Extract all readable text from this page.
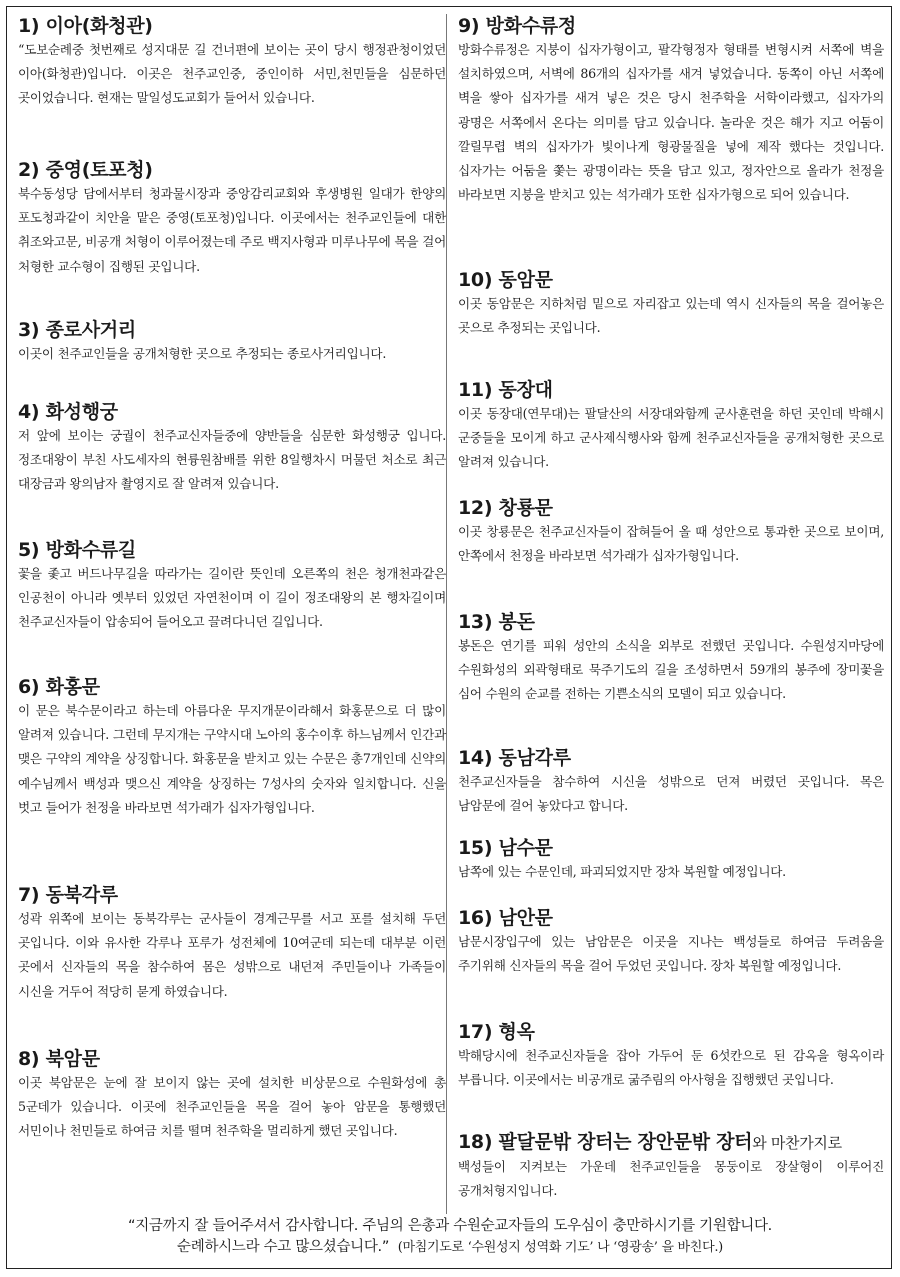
1) 이아(화청관)

“도보순례중 첫번째로 성지대문 길 건너편에 보이는 곳이 당시 행정관청이었던 이아(화청관)입니다. 이곳은 천주교인중, 중인이하 서민,천민들을 심문하던 곳이었습니다. 현재는 말일성도교회가 들어서 있습니다.

2) 중영(토포청)

북수동성당 담에서부터 청과물시장과 중앙감리교회와 후생병원 일대가 한양의 포도청과같이 치안을 맡은 중영(토포청)입니다. 이곳에서는 천주교인들에 대한 취조와고문, 비공개 처형이 이루어졌는데 주로 백지사형과 미루나무에 목을 걸어 처형한 교수형이 집행된 곳입니다.

3) 종로사거리

이곳이 천주교인들을 공개처형한 곳으로 추정되는 종로사거리입니다.

4) 화성행궁

저 앞에 보이는 궁궐이 천주교신자들중에 양반들을 심문한 화성행궁 입니다. 정조대왕이 부친 사도세자의 현륭원참배를 위한 8일행차시 머물던 처소로 최근 대장금과 왕의남자 촬영지로 잘 알려져 있습니다.

5) 방화수류길

꽃을 좇고 버드나무길을 따라가는 길이란 뜻인데 오른쪽의 천은 청개천과같은 인공천이 아니라 옛부터 있었던 자연천이며 이 길이 정조대왕의 본 행차길이며 천주교신자들이 압송되어 들어오고 끌려다니던 길입니다.

6) 화홍문

이 문은 북수문이라고 하는데 아름다운 무지개문이라해서 화홍문으로 더 많이 알려져 있습니다. 그런데 무지개는 구약시대 노아의 홍수이후 하느님께서 인간과 맺은 구약의 계약을 상징합니다. 화홍문을 받치고 있는 수문은 총7개인데 신약의 예수님께서 백성과 맺으신 계약을 상징하는 7성사의 숫자와 일치합니다. 신을 벗고 들어가 천정을 바라보면 석가래가 십자가형입니다.

7) 동북각루

성곽 위쪽에 보이는 동북각루는 군사들이 경계근무를 서고 포를 설치해 두던 곳입니다. 이와 유사한 각루나 포루가 성전체에 10여군데 되는데 대부분 이런 곳에서 신자들의 목을 참수하여 몸은 성밖으로 내던져 주민들이나 가족들이 시신을 거두어 적당히 묻게 하였습니다.

8) 북암문

이곳 북암문은 눈에 잘 보이지 않는 곳에 설치한 비상문으로 수원화성에 총 5군데가 있습니다. 이곳에 천주교인들을 목을 걸어 놓아 암문을 통행했던 서민이나 천민들로 하여금 치를 떨며 천주학을 멀리하게 했던 곳입니다.

9) 방화수류정

방화수류정은 지붕이 십자가형이고, 팔각형정자 형태를 변형시켜 서쪽에 벽을 설치하였으며, 서벽에 86개의 십자가를 새겨 넣었습니다. 동쪽이 아닌 서쪽에 벽을 쌓아 십자가를 새겨 넣은 것은 당시 천주학을 서학이라했고, 십자가의 광명은 서쪽에서 온다는 의미를 담고 있습니다. 놀라운 것은 해가 지고 어둠이 깔릴무렵 벽의 십자가가 빛이나게 형광물질을 넣에 제작 했다는 것입니다. 십자가는 어둠을 쫓는 광명이라는 뜻을 담고 있고, 정자안으로 올라가 천정을 바라보면 지붕을 받치고 있는 석가래가 또한 십자가형으로 되어 있습니다.

10) 동암문

이곳 동암문은 지하처럼 밑으로 자리잡고 있는데 역시 신자들의 목을 걸어놓은 곳으로 추정되는 곳입니다.

11) 동장대

이곳 동장대(연무대)는 팔달산의 서장대와함께 군사훈련을 하던 곳인데 박해시 군중들을 모이게 하고 군사제식행사와 함께 천주교신자들을 공개처형한 곳으로 알려져 있습니다.

12) 창룡문

이곳 창룡문은 천주교신자들이 잡혀들어 올 때 성안으로 통과한 곳으로 보이며, 안쪽에서 천정을 바라보면 석가래가 십자가형입니다.

13) 봉돈

봉돈은 연기를 피워 성안의 소식을 외부로 전했던 곳입니다. 수원성지마당에 수원화성의 외곽형태로 묵주기도의 길을 조성하면서 59개의 봉주에 장미꽃을 심어 수원의 순교를 전하는 기쁜소식의 모델이 되고 있습니다.

14) 동남각루

천주교신자들을 참수하여 시신을 성밖으로 던져 버렸던 곳입니다. 목은 남암문에 걸어 놓았다고 합니다.

15) 남수문

남쪽에 있는 수문인데, 파괴되었지만 장차 복원할 예정입니다.

16) 남안문

남문시장입구에 있는 남암문은 이곳을 지나는 백성들로 하여금 두려움을 주기위해 신자들의 목을 걸어 두었던 곳입니다. 장차 복원할 예정입니다.

17) 형옥

박해당시에 천주교신자들을 잡아 가두어 둔 6섯칸으로 된 감옥을 형옥이라 부릅니다. 이곳에서는 비공개로 굶주림의 아사형을 집행했던 곳입니다.

18) 팔달문밖 장터는 장안문밖 장터와 마찬가지로

백성들이 지켜보는 가운데 천주교인들을 몽둥이로 장살형이 이루어진 공개처형지입니다.

“지금까지 잘 들어주셔서 감사합니다. 주님의 은총과 수원순교자들의 도우심이 충만하시기를 기원합니다.
순례하시느라 수고 많으셨습니다.” (마침기도로 ‘수원성지 성역화 기도’ 나 ‘영광송’ 을 바친다.)
